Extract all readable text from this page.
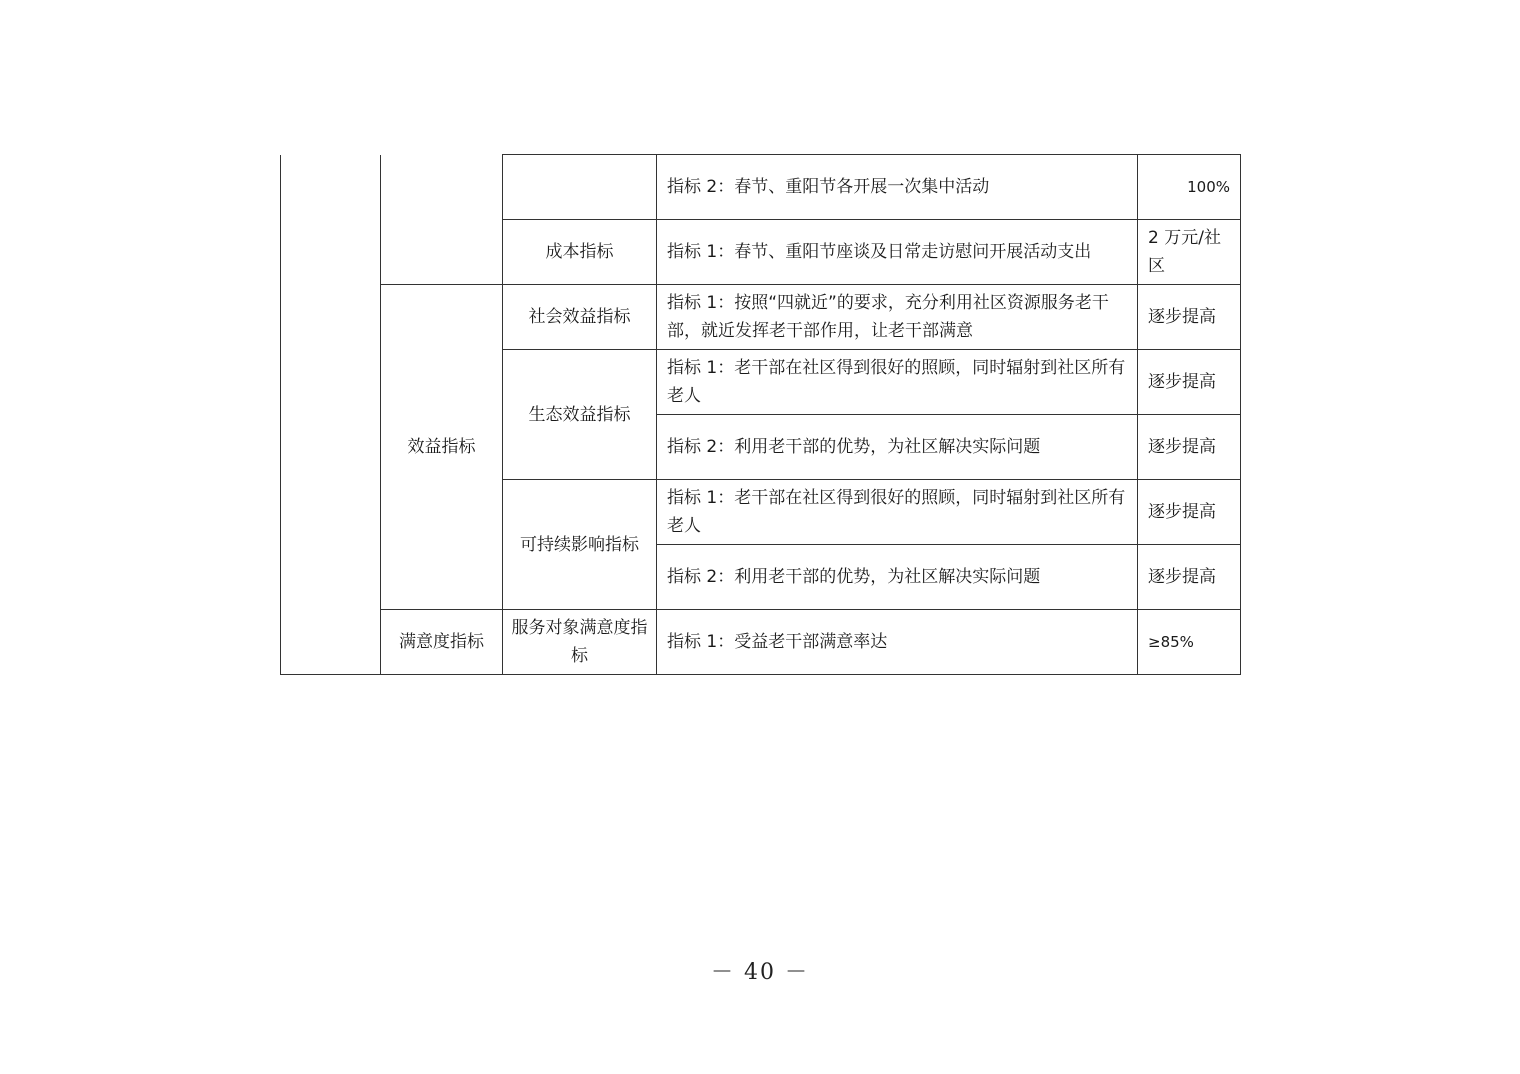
			指标 2：春节、重阳节各开展一次集中活动	100%
		成本指标	指标 1：春节、重阳节座谈及日常走访慰问开展活动支出	2 万元/社区
	效益指标	社会效益指标	指标 1：按照“四就近”的要求，充分利用社区资源服务老干部，就近发挥老干部作用，让老干部满意	逐步提高
		生态效益指标	指标 1：老干部在社区得到很好的照顾，同时辐射到社区所有老人	逐步提高
			指标 2：利用老干部的优势，为社区解决实际问题	逐步提高
		可持续影响指标	指标 1：老干部在社区得到很好的照顾，同时辐射到社区所有老人	逐步提高
			指标 2：利用老干部的优势，为社区解决实际问题	逐步提高
	满意度指标	服务对象满意度指标	指标 1：受益老干部满意率达	≥85%
－ 40 －
